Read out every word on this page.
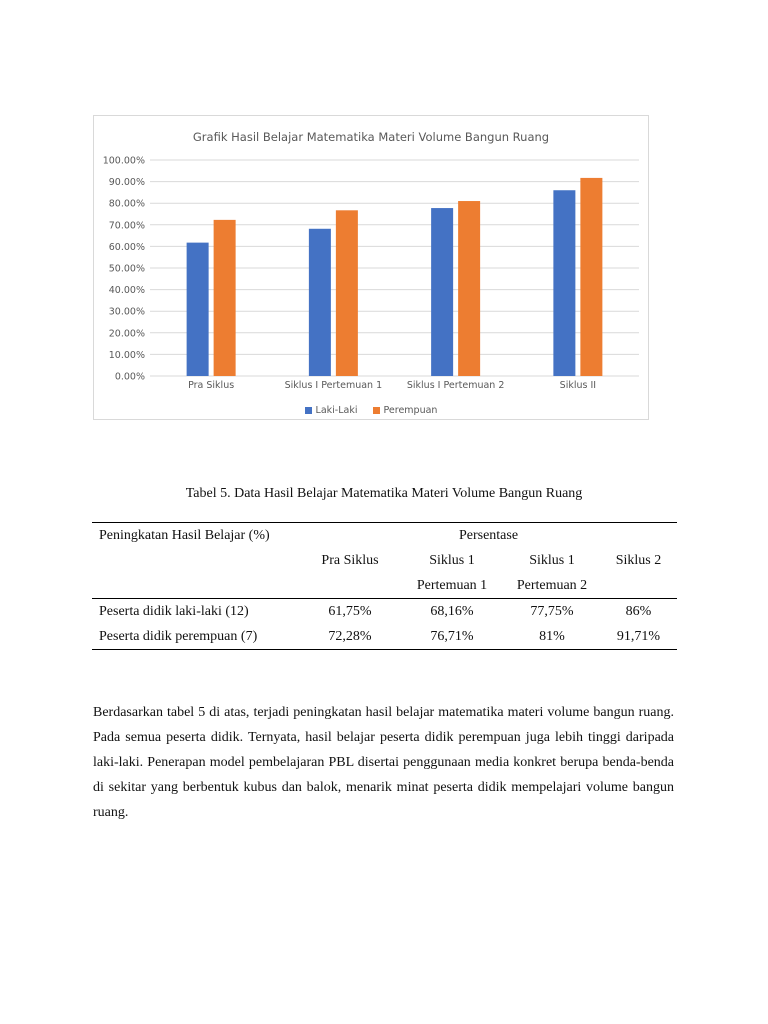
Grafik Hasil Belajar Matematika Materi Volume Bangun Ruang
0.00%
10.00%
20.00%
30.00%
40.00%
50.00%
60.00%
70.00%
80.00%
90.00%
100.00%
Pra Siklus	Siklus I Pertemuan 1	Siklus I Pertemuan 2	Siklus II
Laki-Laki
	Perempuan
Tabel 5. Data Hasil Belajar Matematika Materi Volume Bangun Ruang
Peningkatan Hasil Belajar (%)	Persentase			
	Pra Siklus	Siklus 1	Siklus 1	Siklus 2
		Pertemuan 1	Pertemuan 2	
Peserta didik laki-laki (12)	61,75%	68,16%	77,75%	86%
Peserta didik perempuan (7)	72,28%	76,71%	81%	91,71%

Berdasarkan tabel 5 di atas, terjadi peningkatan hasil belajar matematika materi volume bangun ruang. Pada semua peserta didik. Ternyata, hasil belajar peserta didik perempuan juga lebih tinggi daripada laki-laki. Penerapan model pembelajaran PBL disertai penggunaan media konkret berupa benda-benda di sekitar yang berbentuk kubus dan balok, menarik minat peserta didik mempelajari volume bangun ruang.
